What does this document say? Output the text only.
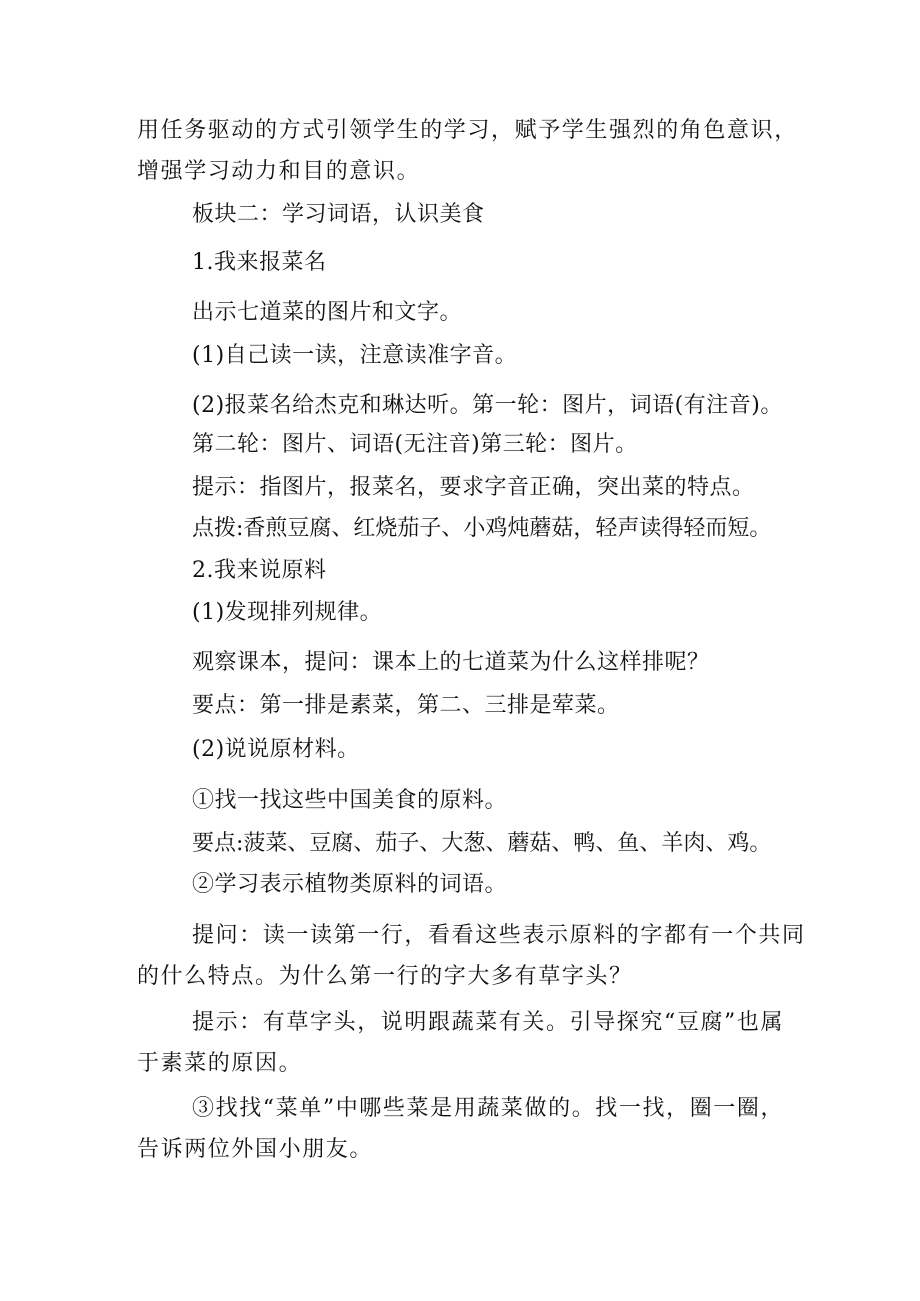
用任务驱动的方式引领学生的学习，赋予学生强烈的角色意识，
增强学习动力和目的意识。
板块二：学习词语，认识美食
1.我来报菜名
出示七道菜的图片和文字。
(1)自己读一读，注意读准字音。
(2)报菜名给杰克和琳达听。第一轮：图片，词语(有注音)。
第二轮：图片、词语(无注音)第三轮：图片。
提示：指图片，报菜名，要求字音正确，突出菜的特点。
点拨:香煎豆腐、红烧茄子、小鸡炖蘑菇，轻声读得轻而短。
2.我来说原料
(1)发现排列规律。
观察课本，提问：课本上的七道菜为什么这样排呢？
要点：第一排是素菜，第二、三排是荤菜。
(2)说说原材料。
①找一找这些中国美食的原料。
要点:菠菜、豆腐、茄子、大葱、蘑菇、鸭、鱼、羊肉、鸡。
②学习表示植物类原料的词语。
提问：读一读第一行，看看这些表示原料的字都有一个共同
的什么特点。为什么第一行的字大多有草字头？
提示：有草字头，说明跟蔬菜有关。引导探究“豆腐”也属
于素菜的原因。
③找找“菜单”中哪些菜是用蔬菜做的。找一找，圈一圈，
告诉两位外国小朋友。
